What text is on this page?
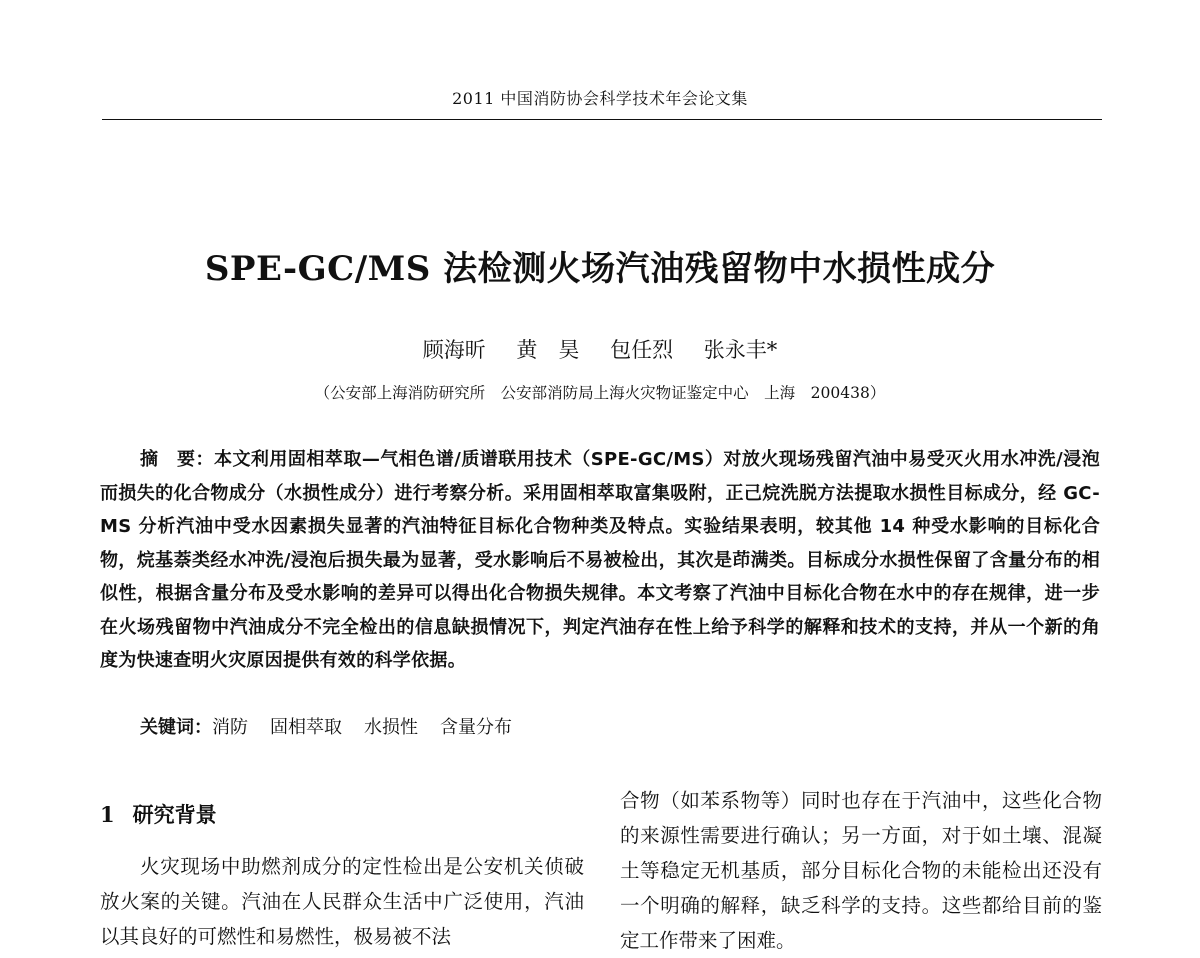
2011 中国消防协会科学技术年会论文集
SPE-GC/MS 法检测火场汽油残留物中水损性成分
顾海昕 黄　昊 包任烈 张永丰*
（公安部上海消防研究所　公安部消防局上海火灾物证鉴定中心　上海　200438）
摘　要：本文利用固相萃取—气相色谱/质谱联用技术（SPE-GC/MS）对放火现场残留汽油中易受灭火用水冲洗/浸泡而损失的化合物成分（水损性成分）进行考察分析。采用固相萃取富集吸附，正己烷洗脱方法提取水损性目标成分，经 GC-MS 分析汽油中受水因素损失显著的汽油特征目标化合物种类及特点。实验结果表明，较其他 14 种受水影响的目标化合物，烷基萘类经水冲洗/浸泡后损失最为显著，受水影响后不易被检出，其次是茚满类。目标成分水损性保留了含量分布的相似性，根据含量分布及受水影响的差异可以得出化合物损失规律。本文考察了汽油中目标化合物在水中的存在规律，进一步在火场残留物中汽油成分不完全检出的信息缺损情况下，判定汽油存在性上给予科学的解释和技术的支持，并从一个新的角度为快速查明火灾原因提供有效的科学依据。
关键词：消防 固相萃取 水损性 含量分布
1 研究背景

火灾现场中助燃剂成分的定性检出是公安机关侦破放火案的关键。汽油在人民群众生活中广泛使用，汽油以其良好的可燃性和易燃性，极易被不法

合物（如苯系物等）同时也存在于汽油中，这些化合物的来源性需要进行确认；另一方面，对于如土壤、混凝土等稳定无机基质，部分目标化合物的未能检出还没有一个明确的解释，缺乏科学的支持。这些都给目前的鉴定工作带来了困难。
